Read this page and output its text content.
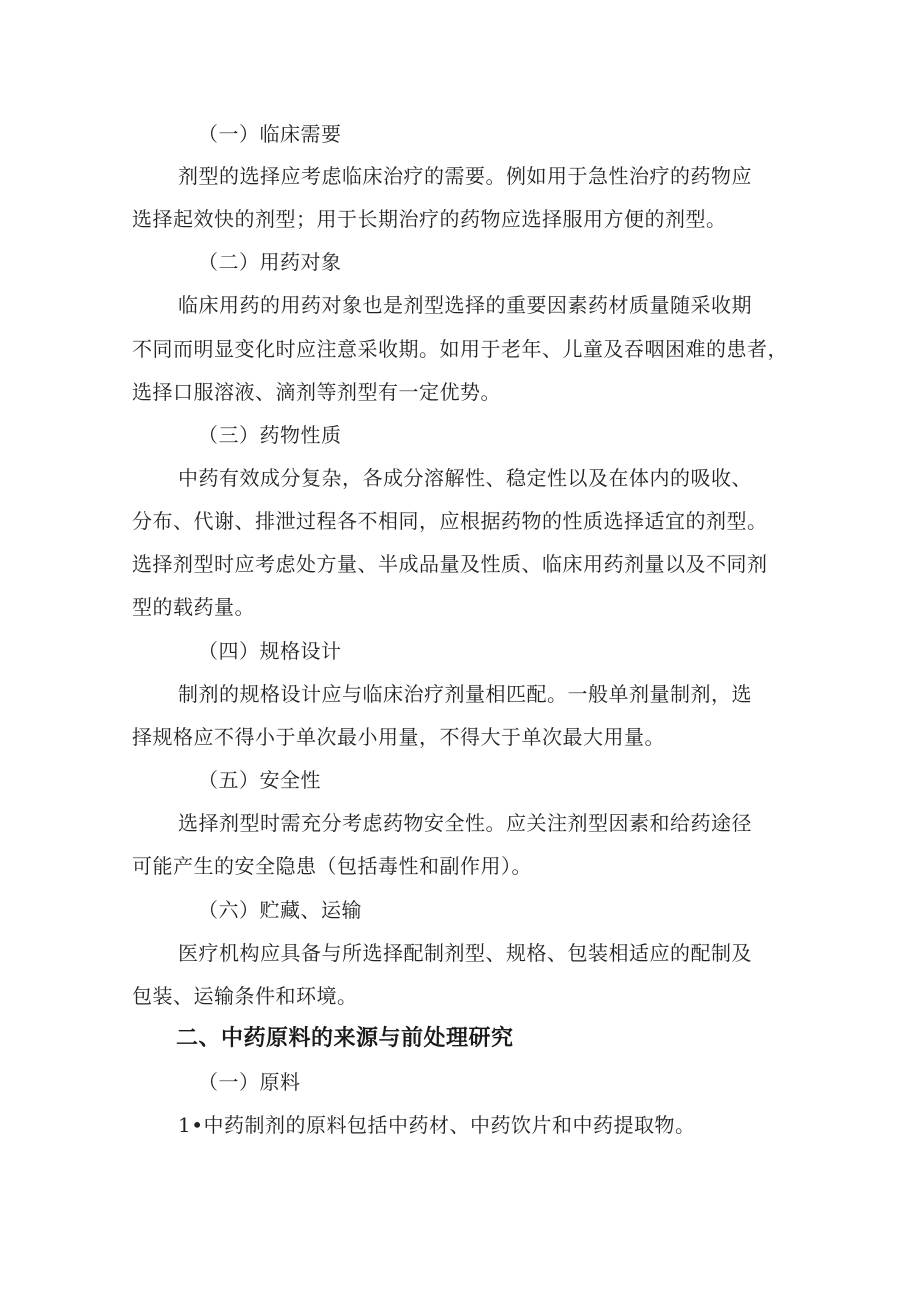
（一）临床需要
剂型的选择应考虑临床治疗的需要。例如用于急性治疗的药物应
选择起效快的剂型；用于长期治疗的药物应选择服用方便的剂型。
（二）用药对象
临床用药的用药对象也是剂型选择的重要因素药材质量随采收期
不同而明显变化时应注意采收期。如用于老年、儿童及吞咽困难的患者，
选择口服溶液、滴剂等剂型有一定优势。
（三）药物性质
中药有效成分复杂，各成分溶解性、稳定性以及在体内的吸收、
分布、代谢、排泄过程各不相同，应根据药物的性质选择适宜的剂型。
选择剂型时应考虑处方量、半成品量及性质、临床用药剂量以及不同剂
型的载药量。
（四）规格设计
制剂的规格设计应与临床治疗剂量相匹配。一般单剂量制剂，选
择规格应不得小于单次最小用量，不得大于单次最大用量。
（五）安全性
选择剂型时需充分考虑药物安全性。应关注剂型因素和给药途径
可能产生的安全隐患（包括毒性和副作用）。
（六）贮藏、运输
医疗机构应具备与所选择配制剂型、规格、包装相适应的配制及
包装、运输条件和环境。
二、中药原料的来源与前处理研究
（一）原料
1•中药制剂的原料包括中药材、中药饮片和中药提取物。
